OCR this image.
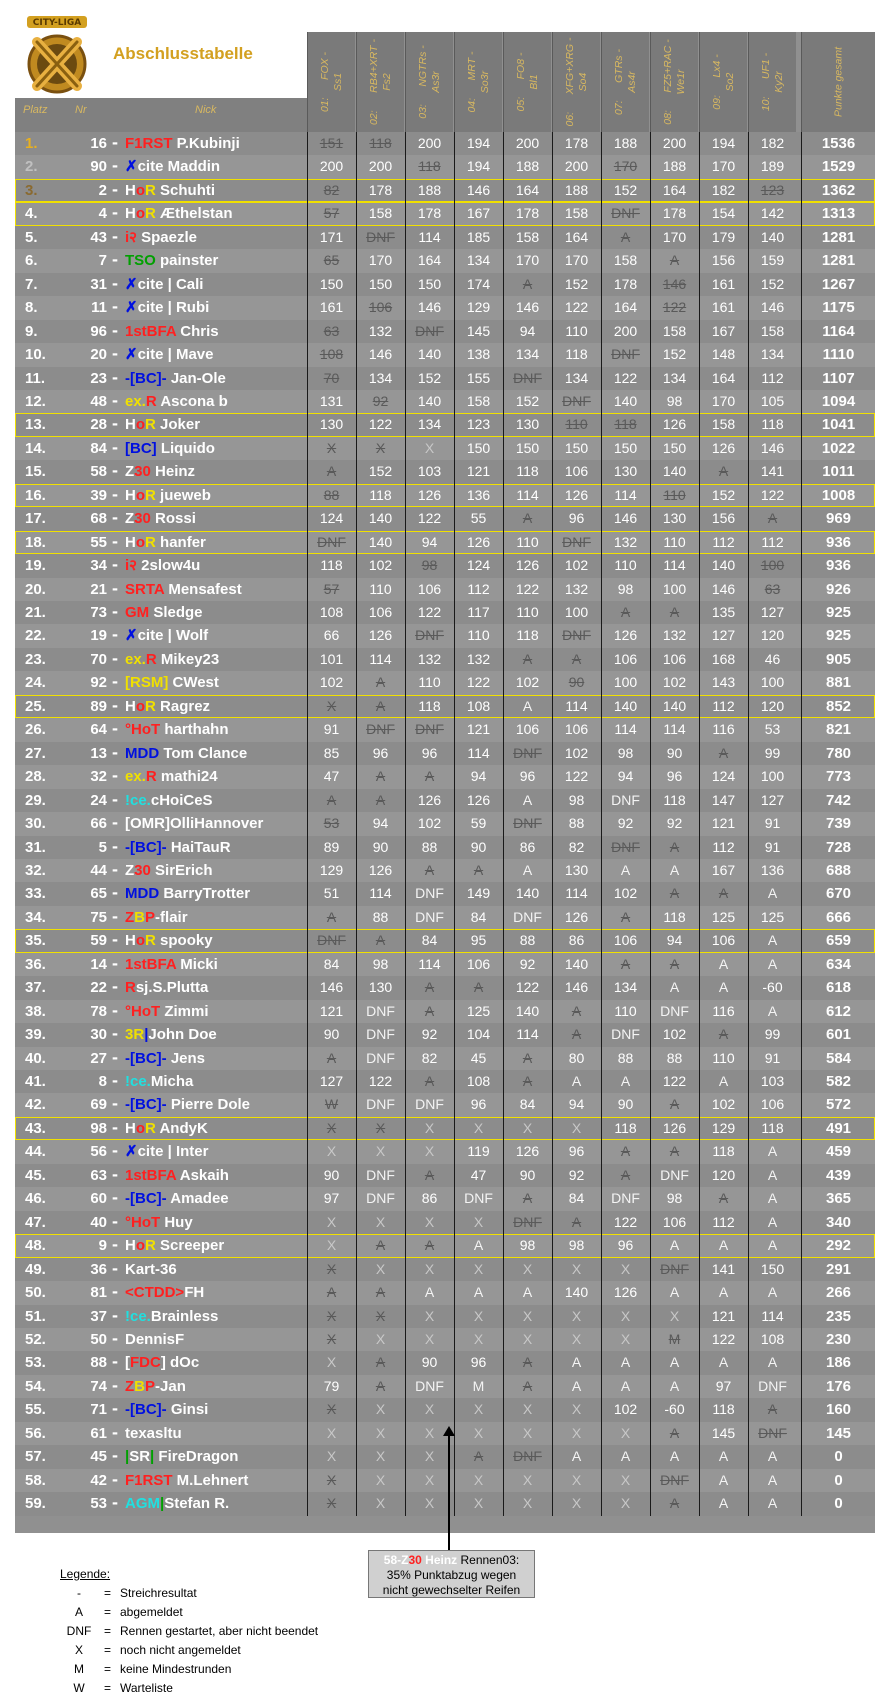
CITY-LIGA
Abschlusstabelle
Platz	Nr	Nick	01:      FOX -
Ss1
02:      RB4+XRT -
Fs2
03:      NGTRs -
As3r
04:      MRT -
So3r
05:      FO8 -
Bl1
06:      XFG+XRG -
So4
07:      GTRs -
As4r
08:      FZ5+RAC -
We1r
09:      Lx4 -
So2
10:      UF1 -
Ky2r	Punkte gesamt
1.	16 - F1RST P.Kubinji	151	118	200	194	200	178	188	200	194	182	1536
2.	90 - ✗cite Maddin	200	200	118	194	188	200	170	188	170	189	1529
3.	2 - HoR Schuhti	82	178	188	146	164	188	152	164	182	123	1362
4.	4 - HoR Æthelstan	57	158	178	167	178	158	DNF	178	154	142	1313
5.	43 - i२ Spaezle	171	DNF	114	185	158	164	A	170	179	140	1281
6.	7 - TSO painster	65	170	164	134	170	170	158	A	156	159	1281
7.	31 - ✗cite | Cali	150	150	150	174	A	152	178	146	161	152	1267
8.	11 - ✗cite | Rubi	161	106	146	129	146	122	164	122	161	146	1175
9.	96 - 1stBFA Chris	63	132	DNF	145	94	110	200	158	167	158	1164
10.	20 - ✗cite | Mave	108	146	140	138	134	118	DNF	152	148	134	1110
11.	23 - -[BC]- Jan-Ole	70	134	152	155	DNF	134	122	134	164	112	1107
12.	48 - ex.R Ascona b	131	92	140	158	152	DNF	140	98	170	105	1094
13.	28 - HoR Joker	130	122	134	123	130	110	118	126	158	118	1041
14.	84 - [BC] Liquido	X	X	X	150	150	150	150	150	126	146	1022
15.	58 - Z30 Heinz	A	152	103	121	118	106	130	140	A	141	1011
16.	39 - HoR jueweb	88	118	126	136	114	126	114	110	152	122	1008
17.	68 - Z30 Rossi	124	140	122	55	A	96	146	130	156	A	969
18.	55 - HoR hanfer	DNF	140	94	126	110	DNF	132	110	112	112	936
19.	34 - i२ 2slow4u	118	102	98	124	126	102	110	114	140	100	936
20.	21 - SRTA Mensafest	57	110	106	112	122	132	98	100	146	63	926
21.	73 - GM Sledge	108	106	122	117	110	100	A	A	135	127	925
22.	19 - ✗cite | Wolf	66	126	DNF	110	118	DNF	126	132	127	120	925
23.	70 - ex.R Mikey23	101	114	132	132	A	A	106	106	168	46	905
24.	92 - [RSM] CWest	102	A	110	122	102	90	100	102	143	100	881
25.	89 - HoR Ragrez	X	A	118	108	A	114	140	140	112	120	852
26.	64 - °HoT harthahn	91	DNF	DNF	121	106	106	114	114	116	53	821
27.	13 - MDD Tom Clance	85	96	96	114	DNF	102	98	90	A	99	780
28.	32 - ex.R mathi24	47	A	A	94	96	122	94	96	124	100	773
29.	24 - !ce.cHoiCeS	A	A	126	126	A	98	DNF	118	147	127	742
30.	66 - [OMR]OlliHannover	53	94	102	59	DNF	88	92	92	121	91	739
31.	5 - -[BC]- HaiTauR	89	90	88	90	86	82	DNF	A	112	91	728
32.	44 - Z30 SirErich	129	126	A	A	A	130	A	A	167	136	688
33.	65 - MDD BarryTrotter	51	114	DNF	149	140	114	102	A	A	A	670
34.	75 - ZBP-flair	A	88	DNF	84	DNF	126	A	118	125	125	666
35.	59 - HoR spooky	DNF	A	84	95	88	86	106	94	106	A	659
36.	14 - 1stBFA Micki	84	98	114	106	92	140	A	A	A	A	634
37.	22 - Rsj.S.Plutta	146	130	A	A	122	146	134	A	A	-60	618
38.	78 - °HoT Zimmi	121	DNF	A	125	140	A	110	DNF	116	A	612
39.	30 - 3R|John Doe	90	DNF	92	104	114	A	DNF	102	A	99	601
40.	27 - -[BC]- Jens	A	DNF	82	45	A	80	88	88	110	91	584
41.	8 - !ce.Micha	127	122	A	108	A	A	A	122	A	103	582
42.	69 - -[BC]- Pierre Dole	W	DNF	DNF	96	84	94	90	A	102	106	572
43.	98 - HoR AndyK	X	X	X	X	X	X	118	126	129	118	491
44.	56 - ✗cite | Inter	X	X	X	119	126	96	A	A	118	A	459
45.	63 - 1stBFA Askaih	90	DNF	A	47	90	92	A	DNF	120	A	439
46.	60 - -[BC]- Amadee	97	DNF	86	DNF	A	84	DNF	98	A	A	365
47.	40 - °HoT Huy	X	X	X	X	DNF	A	122	106	112	A	340
48.	9 - HoR Screeper	X	A	A	A	98	98	96	A	A	A	292
49.	36 - Kart-36	X	X	X	X	X	X	X	DNF	141	150	291
50.	81 - <CTDD>FH	A	A	A	A	A	140	126	A	A	A	266
51.	37 - !ce.Brainless	X	X	X	X	X	X	X	X	121	114	235
52.	50 - DennisF	X	X	X	X	X	X	X	M	122	108	230
53.	88 - [FDC] dOc	X	A	90	96	A	A	A	A	A	A	186
54.	74 - ZBP-Jan	79	A	DNF	M	A	A	A	A	97	DNF	176
55.	71 - -[BC]- Ginsi	X	X	X	X	X	X	102	-60	118	A	160
56.	61 - texasltu	X	X	X	X	X	X	X	A	145	DNF	145
57.	45 - |SR| FireDragon	X	X	X	A	DNF	A	A	A	A	A	0
58.	42 - F1RST M.Lehnert	X	X	X	X	X	X	X	DNF	A	A	0
59.	53 - AGM|Stefan R.	X	X	X	X	X	X	X	A	A	A	0
58-Z30 Heinz Rennen03:
35% Punktabzug wegen
nicht gewechselter Reifen
Legende:
-	= Streichresultat
A	= abgemeldet
DNF	= Rennen gestartet, aber nicht beendet
X	= noch nicht angemeldet
M	= keine Mindestrunden
W	= Warteliste
